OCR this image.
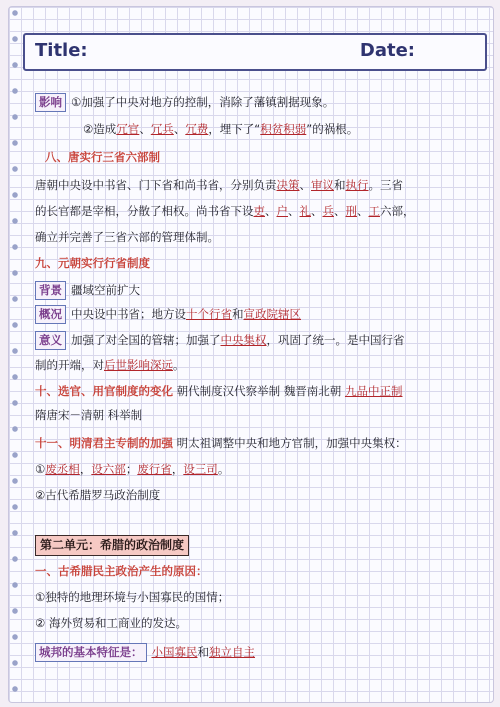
Title:	Date:
影响 ①加强了中央对地方的控制，消除了藩镇割据现象。
②造成冗官、冗兵、冗费，埋下了“积贫积弱”的祸根。
八、唐实行三省六部制
唐朝中央设中书省、门下省和尚书省，分别负责决策、审议和执行。三省
的长官都是宰相，分散了相权。尚书省下设吏、户、礼、兵、刑、工六部，
确立并完善了三省六部的管理体制。
九、元朝实行行省制度
背景 疆域空前扩大
概况 中央设中书省；地方设十个行省和宣政院辖区
意义 加强了对全国的管辖；加强了中央集权，巩固了统一。是中国行省
制的开端，对后世影响深远。
十、选官、用官制度的变化 朝代制度汉代察举制 魏晋南北朝 九品中正制
隋唐宋－清朝 科举制
十一、明清君主专制的加强 明太祖调整中央和地方官制，加强中央集权：
①废丞相，设六部；废行省，设三司。
②古代希腊罗马政治制度
第二单元：希腊的政治制度
一、古希腊民主政治产生的原因：
①独特的地理环境与小国寡民的国情；
② 海外贸易和工商业的发达。
城邦的基本特征是： 小国寡民和独立自主
